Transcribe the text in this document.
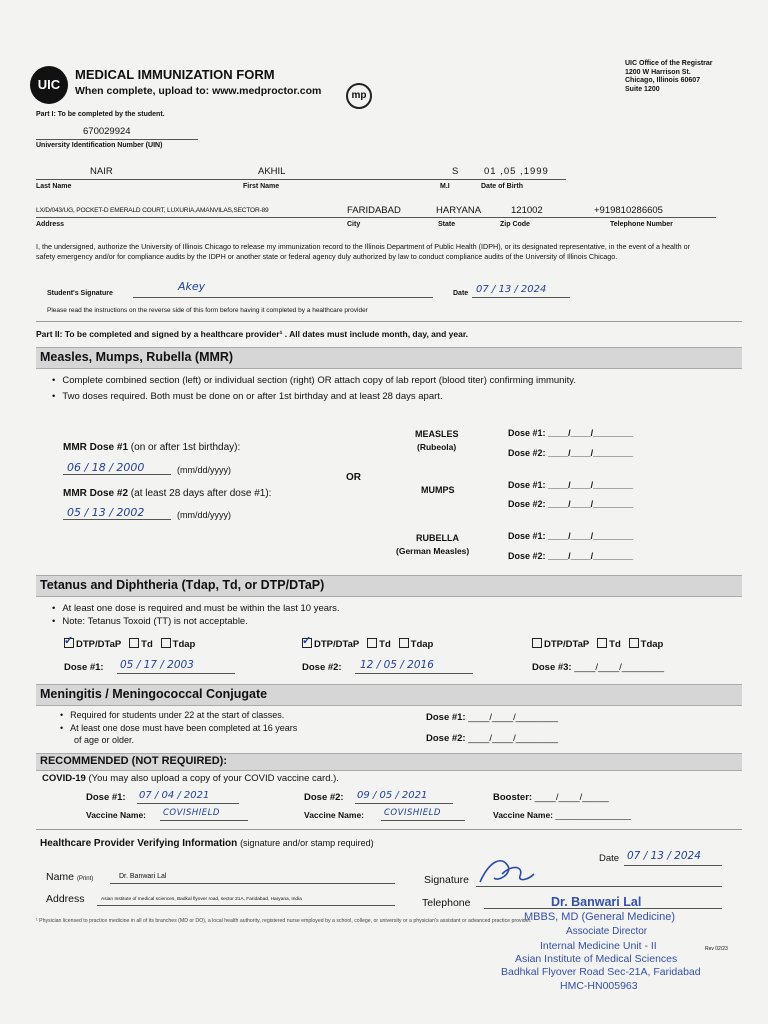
UIC
MEDICAL IMMUNIZATION FORM
When complete, upload to: www.medproctor.com	mp
UIC Office of the Registrar
1200 W Harrison St.
Chicago, Illinois 60607
Suite 1200
Part I: To be completed by the student.
670029924
University Identification Number (UIN)
NAIR	AKHIL	S	01 ,05 ,1999
Last Name	First Name	M.I	Date of Birth
LX/D/043/UG, POCKET-D EMERALD COURT, LUXURIA,AMANVILAS,SECTOR-89	FARIDABAD	HARYANA	121002	+919810286605
Address	City	State	Zip Code	Telephone Number
I, the undersigned, authorize the University of Illinois Chicago to release my immunization record to the Illinois Department of Public Health (IDPH), or its designated representative, in the event of a health or safety emergency and/or for compliance audits by the IDPH or another state or federal agency duly authorized by law to conduct compliance audits of the University of Illinois Chicago.
Student's Signature
Akey
Date 07 / 13 / 2024
Please read the instructions on the reverse side of this form before having it completed by a healthcare provider
Part II: To be completed and signed by a healthcare provider¹ . All dates must include month, day, and year.
Measles, Mumps, Rubella (MMR)
• Complete combined section (left) or individual section (right) OR attach copy of lab report (blood titer) confirming immunity.
• Two doses required. Both must be done on or after 1st birthday and at least 28 days apart.
MMR Dose #1 (on or after 1st birthday):
06 / 18 / 2000	(mm/dd/yyyy)
MMR Dose #2 (at least 28 days after dose #1):
05 / 13 / 2002	(mm/dd/yyyy)
OR
MEASLES
(Rubeola)
Dose #1: ____/____/________
Dose #2: ____/____/________
MUMPS	Dose #1: ____/____/________
Dose #2: ____/____/________
RUBELLA
(German Measles)
Dose #1: ____/____/________
Dose #2: ____/____/________
Tetanus and Diphtheria (Tdap, Td, or DTP/DTaP)
• At least one dose is required and must be within the last 10 years.
• Note: Tetanus Toxoid (TT) is not acceptable.
✓DTP/DTaP Td Tdap ✓	DTP/DTaP Td Tdap	DTP/DTaP Td Tdap
Dose #1: 05 / 17 / 2003	Dose #2: 12 / 05 / 2016	Dose #3: ____/____/________
Meningitis / Meningococcal Conjugate
• Required for students under 22 at the start of classes.
• At least one dose must have been completed at 16 years
of age or older.
Dose #1: ____/____/________
Dose #2: ____/____/________
RECOMMENDED (NOT REQUIRED):
COVID-19 (You may also upload a copy of your COVID vaccine card.).
Dose #1: 07 / 04 / 2021	Dose #2: 09 / 05 / 2021	Booster: ____/____/_____
Vaccine Name: COVISHIELD	Vaccine Name: COVISHIELD	Vaccine Name: ________________
Healthcare Provider Verifying Information (signature and/or stamp required)
Date 07 / 13 / 2024
Name (Print)	Dr. Banwari Lal	Signature
Address	Asian Institute of medical sciences, Badkal flyover road, sector 21A, Faridabad, Haryana, India	Telephone
¹ Physician licensed to practice medicine in all of its branches (MD or DO), a local health authority, registered nurse employed by a school, college, or university or a physician's assistant or advanced practice provider.
Rev 02/23
Dr. Banwari Lal
MBBS, MD (General Medicine)
Associate Director
Internal Medicine Unit - II
Asian Institute of Medical Sciences
Badhkal Flyover Road Sec-21A, Faridabad
HMC-HN005963
